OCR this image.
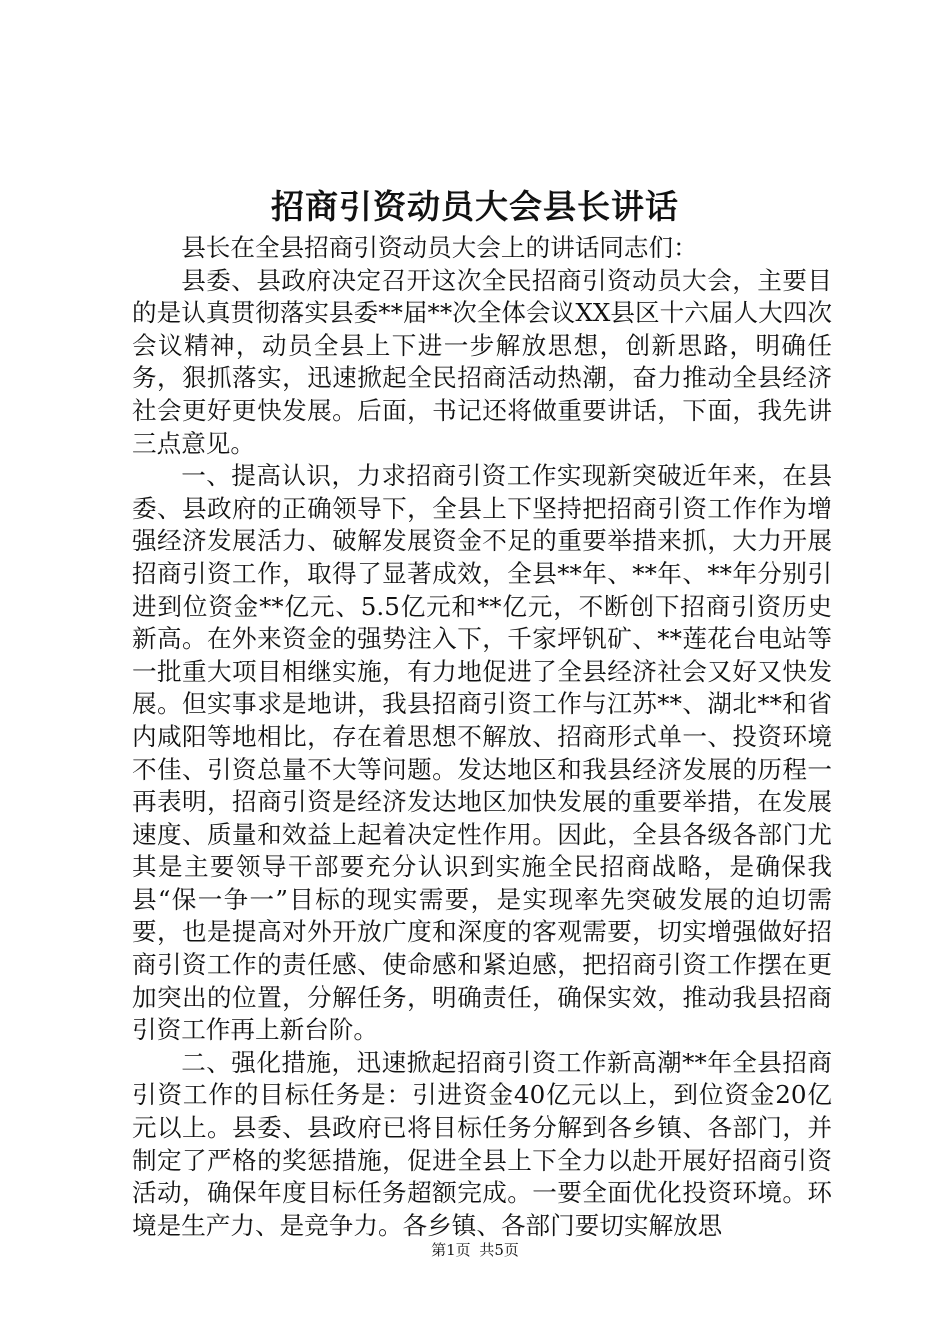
招商引资动员大会县长讲话

县长在全县招商引资动员大会上的讲话同志们：

县委、县政府决定召开这次全民招商引资动员大会，主要目的是认真贯彻落实县委**届**次全体会议XX县区十六届人大四次会议精神，动员全县上下进一步解放思想，创新思路，明确任务，狠抓落实，迅速掀起全民招商活动热潮，奋力推动全县经济社会更好更快发展。后面，书记还将做重要讲话，下面，我先讲三点意见。

一、提高认识，力求招商引资工作实现新突破近年来，在县委、县政府的正确领导下，全县上下坚持把招商引资工作作为增强经济发展活力、破解发展资金不足的重要举措来抓，大力开展招商引资工作，取得了显著成效，全县**年、**年、**年分别引进到位资金**亿元、5.5亿元和**亿元，不断创下招商引资历史新高。在外来资金的强势注入下，千家坪钒矿、**莲花台电站等一批重大项目相继实施，有力地促进了全县经济社会又好又快发展。但实事求是地讲，我县招商引资工作与江苏**、湖北**和省内咸阳等地相比，存在着思想不解放、招商形式单一、投资环境不佳、引资总量不大等问题。发达地区和我县经济发展的历程一再表明，招商引资是经济发达地区加快发展的重要举措，在发展速度、质量和效益上起着决定性作用。因此，全县各级各部门尤其是主要领导干部要充分认识到实施全民招商战略，是确保我县“保一争一”目标的现实需要，是实现率先突破发展的迫切需要，也是提高对外开放广度和深度的客观需要，切实增强做好招商引资工作的责任感、使命感和紧迫感，把招商引资工作摆在更加突出的位置，分解任务，明确责任，确保实效，推动我县招商引资工作再上新台阶。

二、强化措施，迅速掀起招商引资工作新高潮**年全县招商引资工作的目标任务是：引进资金40亿元以上，到位资金20亿元以上。县委、县政府已将目标任务分解到各乡镇、各部门，并制定了严格的奖惩措施，促进全县上下全力以赴开展好招商引资活动，确保年度目标任务超额完成。一要全面优化投资环境。环境是生产力、是竞争力。各乡镇、各部门要切实解放思

第1页 共5页
